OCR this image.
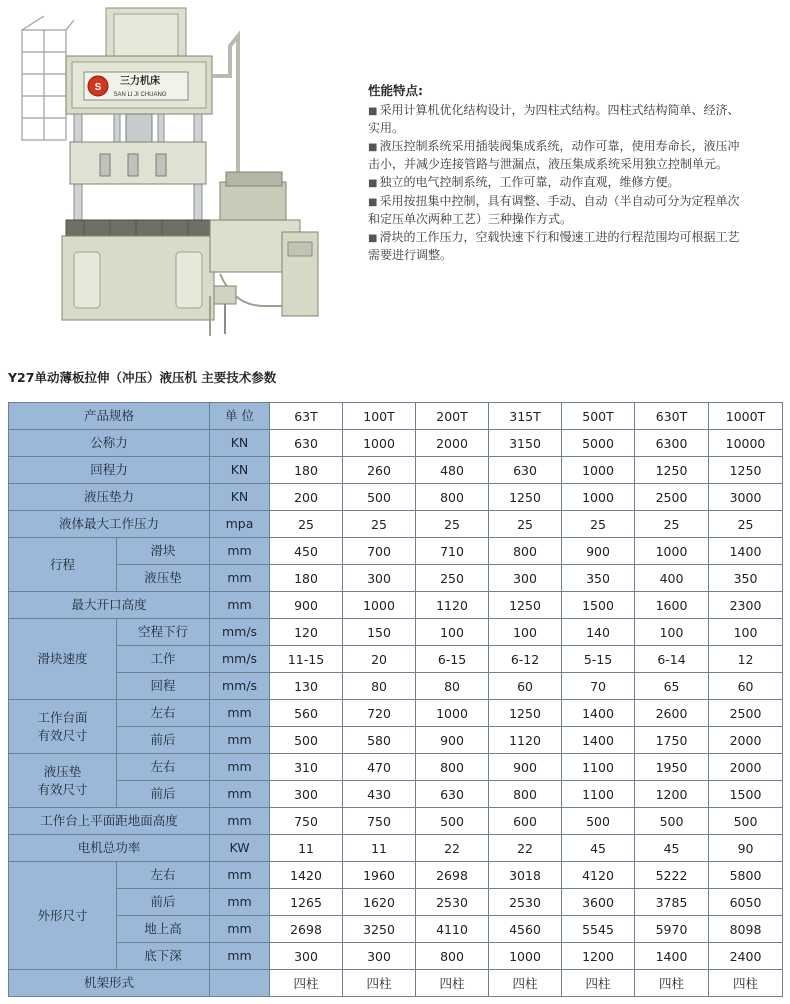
S
三力机床
SAN LI JI CHUANG	性能特点:
■ 采用计算机优化结构设计，为四柱式结构。四柱式结构简单、经济、实用。
■ 液压控制系统采用插装阀集成系统，动作可靠，使用寿命长，液压冲击小，并减少连接管路与泄漏点，液压集成系统采用独立控制单元。
■ 独立的电气控制系统，工作可靠，动作直观，维修方便。
■ 采用按扭集中控制，具有调整、手动、自动（半自动可分为定程单次和定压单次两种工艺）三种操作方式。
■ 滑块的工作压力，空载快速下行和慢速工进的行程范围均可根据工艺需要进行调整。
Y27单动薄板拉伸（冲压）液压机 主要技术参数
产品规格		单 位	63T	100T	200T	315T	500T	630T	1000T
公称力		KN	630	1000	2000	3150	5000	6300	10000
回程力		KN	180	260	480	630	1000	1250	1250
液压垫力		KN	200	500	800	1250	1000	2500	3000
液体最大工作压力		mpa	25	25	25	25	25	25	25
行程	滑块	mm	450	700	710	800	900	1000	1400
	液压垫	mm	180	300	250	300	350	400	350
最大开口高度		mm	900	1000	1120	1250	1500	1600	2300
滑块速度	空程下行	mm/s	120	150	100	100	140	100	100
	工作	mm/s	11-15	20	6-15	6-12	5-15	6-14	12
	回程	mm/s	130	80	80	60	70	65	60
工作台面
有效尺寸	左右	mm	560	720	1000	1250	1400	2600	2500
	前后	mm	500	580	900	1120	1400	1750	2000
液压垫
有效尺寸	左右	mm	310	470	800	900	1100	1950	2000
	前后	mm	300	430	630	800	1100	1200	1500
工作台上平面距地面高度		mm	750	750	500	600	500	500	500
电机总功率		KW	11	11	22	22	45	45	90
外形尺寸	左右	mm	1420	1960	2698	3018	4120	5222	5800
	前后	mm	1265	1620	2530	2530	3600	3785	6050
	地上高	mm	2698	3250	4110	4560	5545	5970	8098
	底下深	mm	300	300	800	1000	1200	1400	2400
机架形式			四柱	四柱	四柱	四柱	四柱	四柱	四柱
